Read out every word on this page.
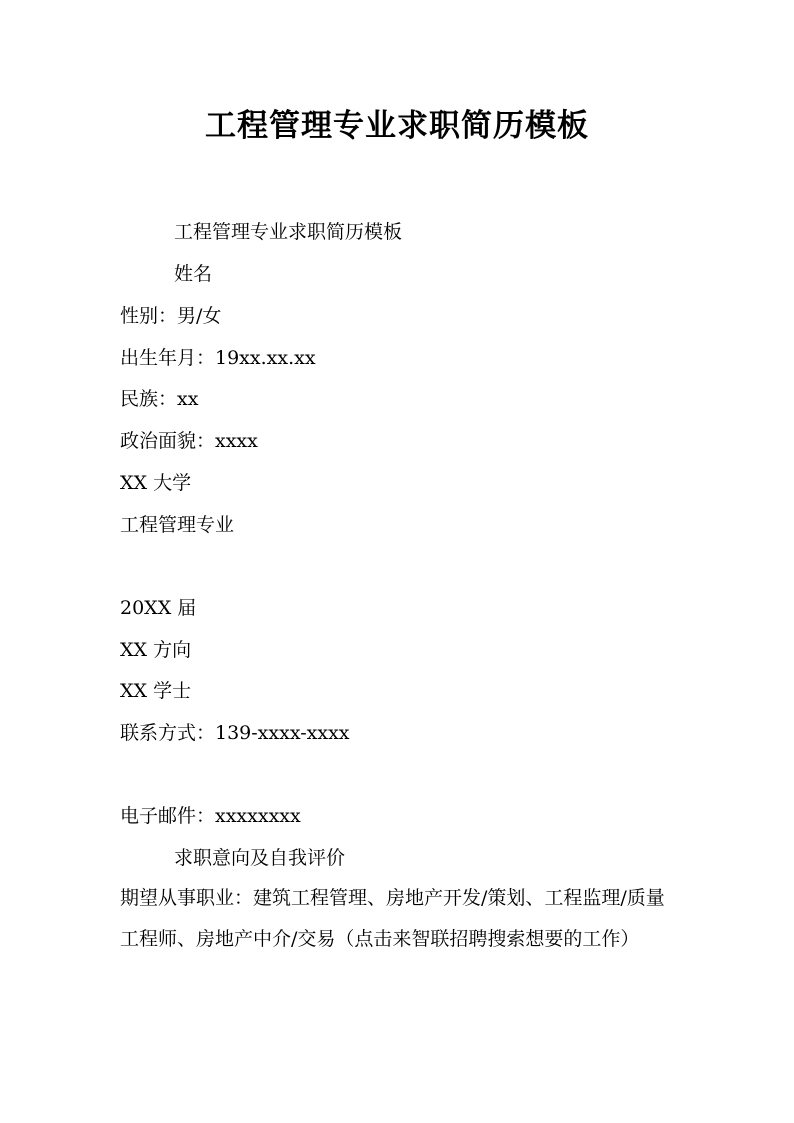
工程管理专业求职简历模板
工程管理专业求职简历模板
姓名
性别：男/女
出生年月：19xx.xx.xx
民族：xx
政治面貌：xxxx
XX 大学
工程管理专业
20XX 届
XX 方向
XX 学士
联系方式：139-xxxx-xxxx
电子邮件：xxxxxxxx
求职意向及自我评价
期望从事职业：建筑工程管理、房地产开发/策划、工程监理/质量工程师、房地产中介/交易（点击来智联招聘搜索想要的工作）
